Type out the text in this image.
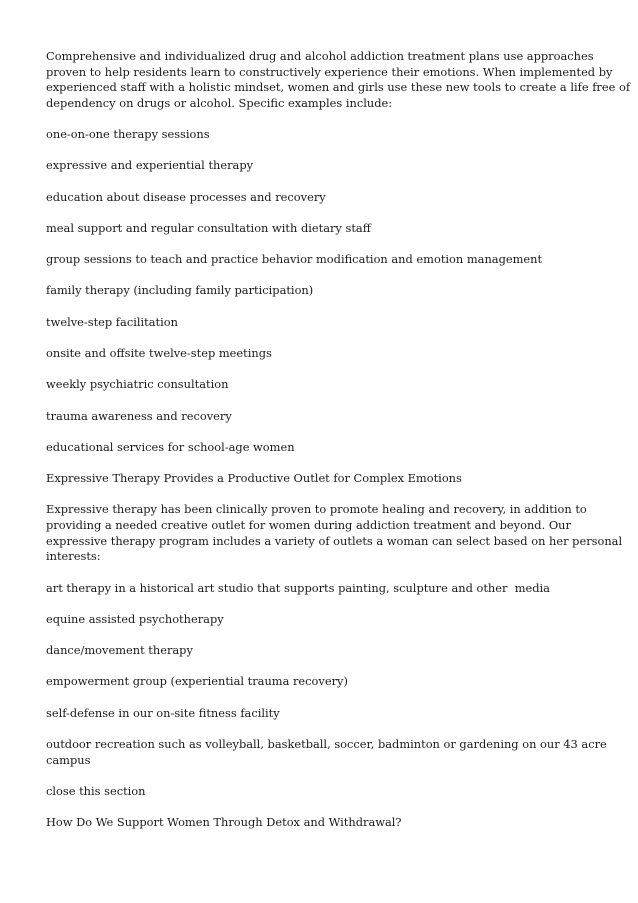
Comprehensive and individualized drug and alcohol addiction treatment plans use approaches
proven to help residents learn to constructively experience their emotions. When implemented by
experienced staff with a holistic mindset, women and girls use these new tools to create a life free of
dependency on drugs or alcohol. Specific examples include:

one-on-one therapy sessions

expressive and experiential therapy

education about disease processes and recovery

meal support and regular consultation with dietary staff

group sessions to teach and practice behavior modification and emotion management

family therapy (including family participation)

twelve-step facilitation

onsite and offsite twelve-step meetings

weekly psychiatric consultation

trauma awareness and recovery

educational services for school-age women

Expressive Therapy Provides a Productive Outlet for Complex Emotions

Expressive therapy has been clinically proven to promote healing and recovery, in addition to
providing a needed creative outlet for women during addiction treatment and beyond. Our
expressive therapy program includes a variety of outlets a woman can select based on her personal
interests:

art therapy in a historical art studio that supports painting, sculpture and other  media

equine assisted psychotherapy

dance/movement therapy

empowerment group (experiential trauma recovery)

self-defense in our on-site fitness facility

outdoor recreation such as volleyball, basketball, soccer, badminton or gardening on our 43 acre
campus

close this section

How Do We Support Women Through Detox and Withdrawal?
